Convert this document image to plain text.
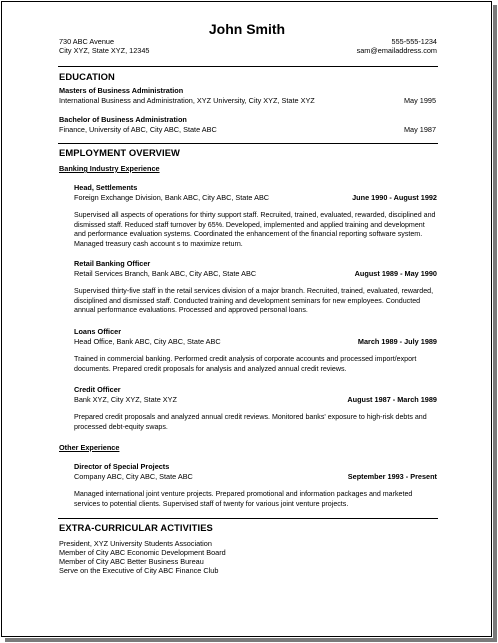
John Smith
730 ABC Avenue
City XYZ, State XYZ, 12345
555-555-1234
sam@emailaddress.com
EDUCATION
Masters of Business Administration
International Business and Administration, XYZ University, City XYZ, State XYZ	May 1995
Bachelor of Business Administration
Finance, University of ABC, City ABC, State ABC	May 1987
EMPLOYMENT OVERVIEW
Banking Industry Experience
Head, Settlements
Foreign Exchange Division, Bank ABC, City ABC, State ABC	June 1990 - August 1992
Supervised all aspects of operations for thirty support staff. Recruited, trained, evaluated, rewarded, disciplined and dismissed staff. Reduced staff turnover by 65%. Developed, implemented and applied training and development and performance evaluation systems. Coordinated the enhancement of the financial reporting software system. Managed treasury cash account s to maximize return.
Retail Banking Officer
Retail Services Branch, Bank ABC, City ABC, State ABC	August 1989 - May 1990
Supervised thirty-five staff in the retail services division of a major branch. Recruited, trained, evaluated, rewarded, disciplined and dismissed staff. Conducted training and development seminars for new employees. Conducted annual performance evaluations. Processed and approved personal loans.
Loans Officer
Head Office, Bank ABC, City ABC, State ABC	March 1989 - July 1989
Trained in commercial banking. Performed credit analysis of corporate accounts and processed import/export documents. Prepared credit proposals for analysis and analyzed annual credit reviews.
Credit Officer
Bank XYZ, City XYZ, State XYZ	August 1987 - March 1989
Prepared credit proposals and analyzed annual credit reviews. Monitored banks' exposure to high-risk debts and processed debt-equity swaps.
Other Experience
Director of Special Projects
Company ABC, City ABC, State ABC	September 1993 - Present
Managed international joint venture projects. Prepared promotional and information packages and marketed services to potential clients. Supervised staff of twenty for various joint venture projects.
EXTRA-CURRICULAR ACTIVITIES
President, XYZ University Students Association
Member of City ABC Economic Development Board
Member of City ABC Better Business Bureau
Serve on the Executive of City ABC Finance Club
